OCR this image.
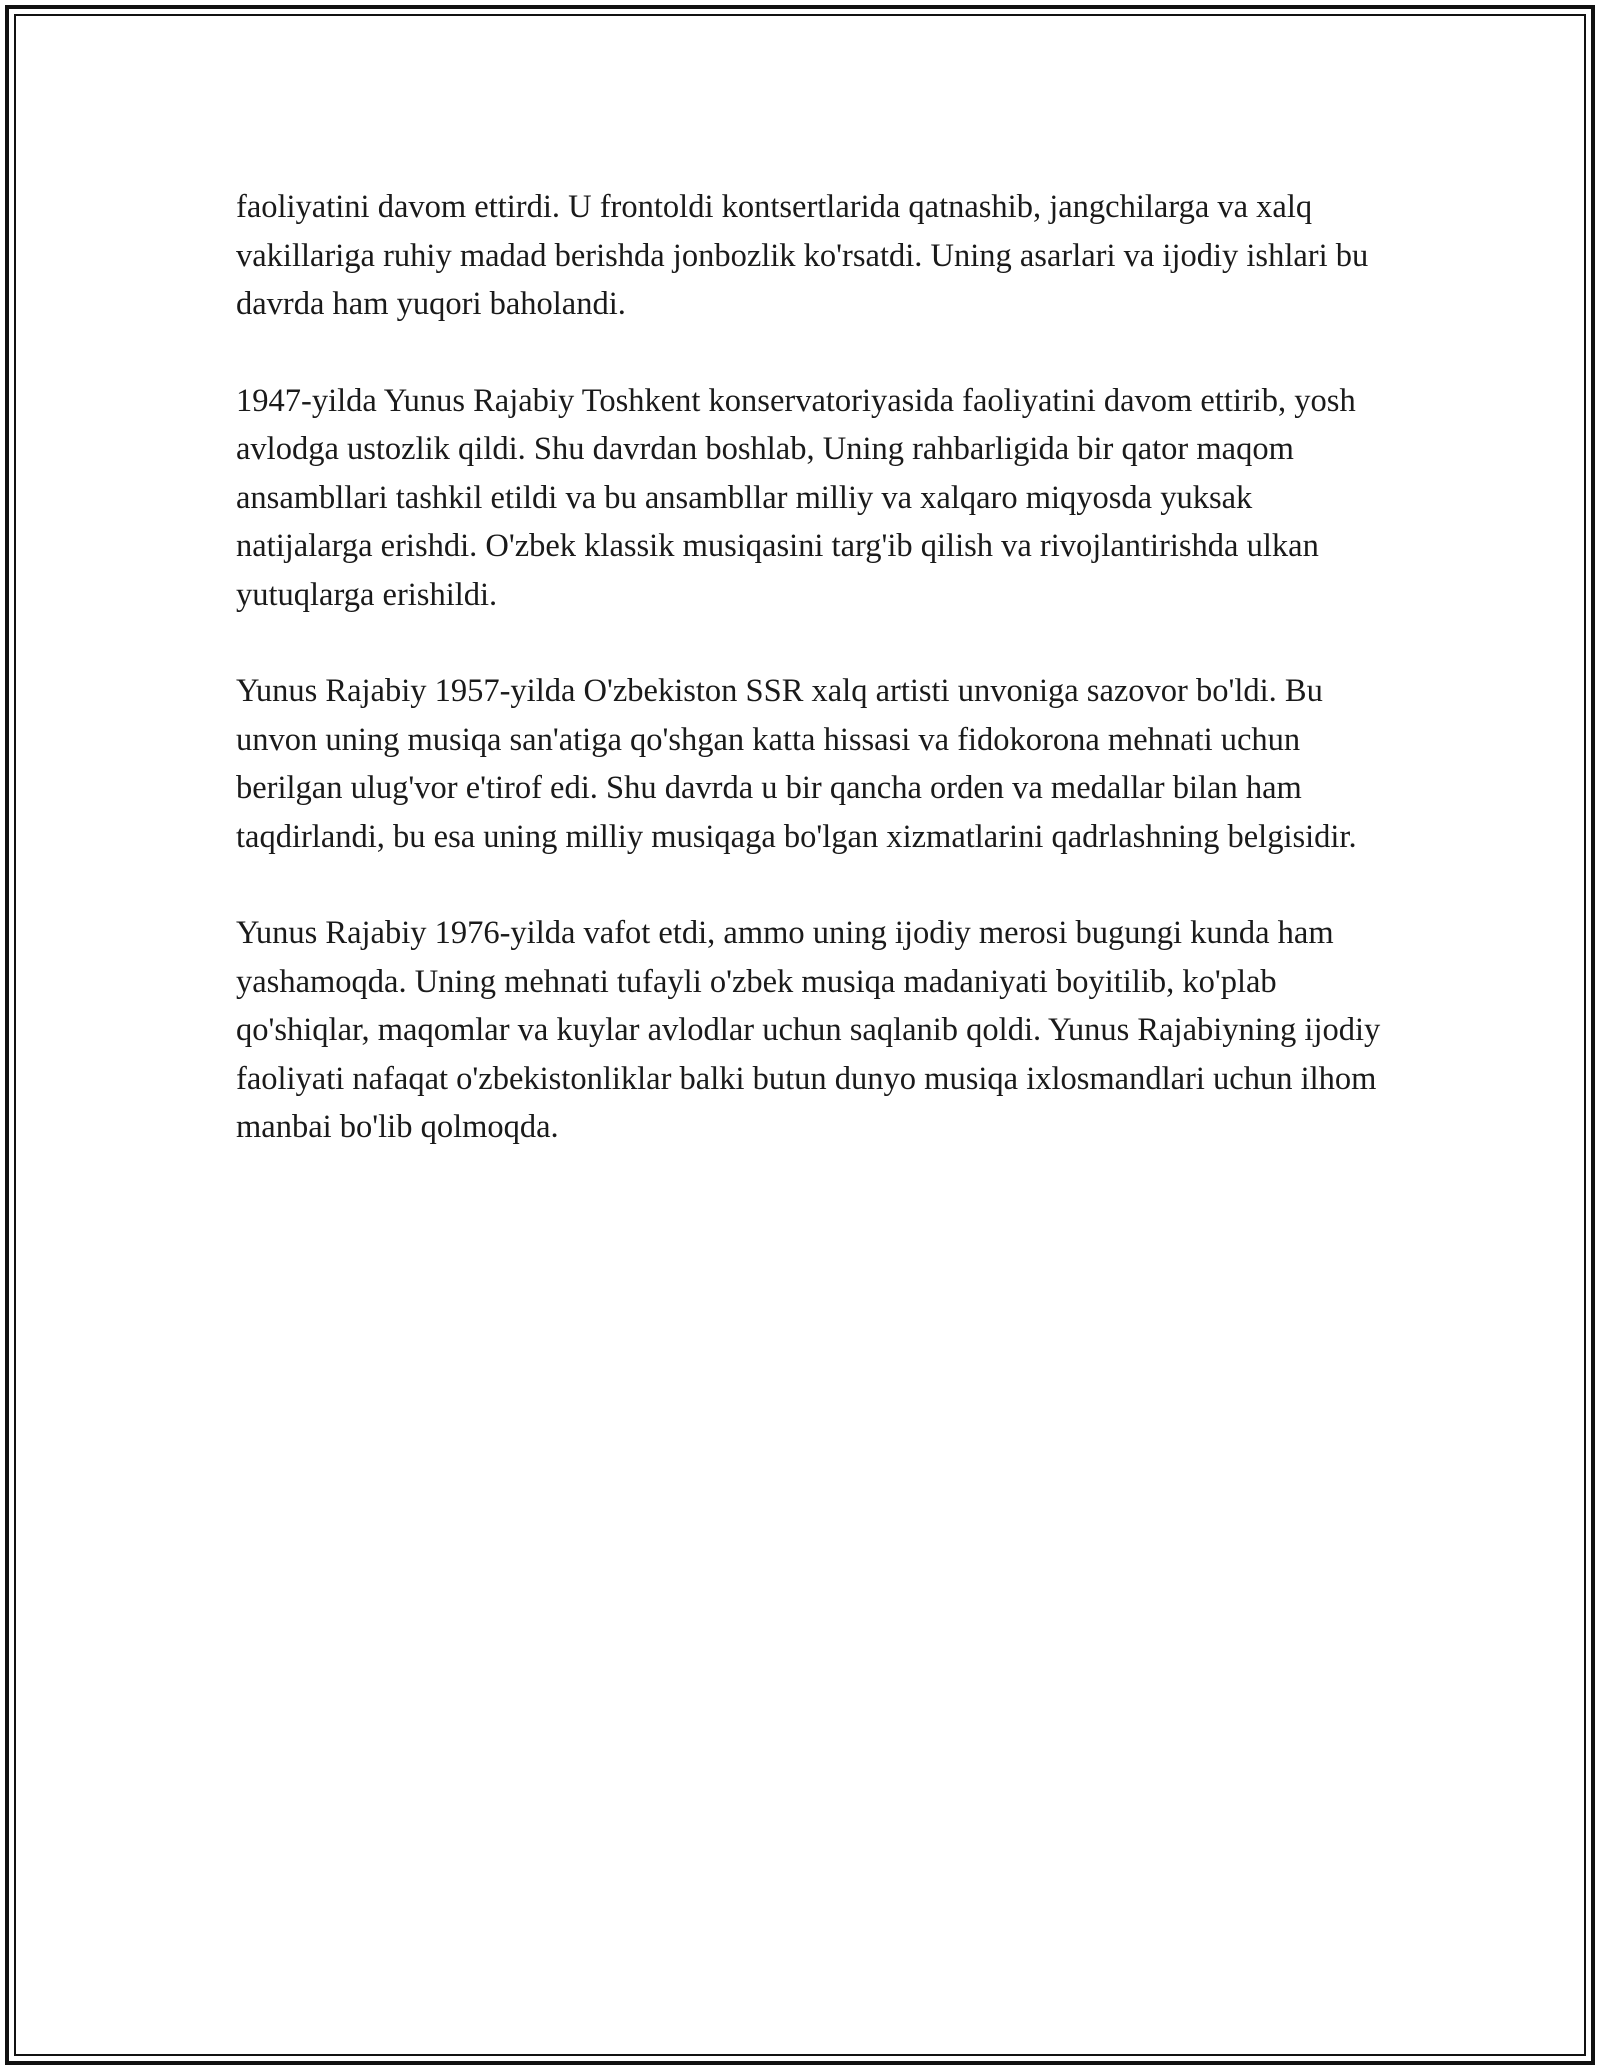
faoliyatini davom ettirdi. U frontoldi kontsertlarida qatnashib, jangchilarga va xalq vakillariga ruhiy madad berishda jonbozlik ko'rsatdi. Uning asarlari va ijodiy ishlari bu davrda ham yuqori baholandi.

1947-yilda Yunus Rajabiy Toshkent konservatoriyasida faoliyatini davom ettirib, yosh avlodga ustozlik qildi. Shu davrdan boshlab, Uning rahbarligida bir qator maqom ansambllari tashkil etildi va bu ansambllar milliy va xalqaro miqyosda yuksak natijalarga erishdi. O'zbek klassik musiqasini targ'ib qilish va rivojlantirishda ulkan yutuqlarga erishildi.

Yunus Rajabiy 1957-yilda O'zbekiston SSR xalq artisti unvoniga sazovor bo'ldi. Bu unvon uning musiqa san'atiga qo'shgan katta hissasi va fidokorona mehnati uchun berilgan ulug'vor e'tirof edi. Shu davrda u bir qancha orden va medallar bilan ham taqdirlandi, bu esa uning milliy musiqaga bo'lgan xizmatlarini qadrlashning belgisidir.

Yunus Rajabiy 1976-yilda vafot etdi, ammo uning ijodiy merosi bugungi kunda ham yashamoqda. Uning mehnati tufayli o'zbek musiqa madaniyati boyitilib, ko'plab qo'shiqlar, maqomlar va kuylar avlodlar uchun saqlanib qoldi. Yunus Rajabiyning ijodiy faoliyati nafaqat o'zbekistonliklar balki butun dunyo musiqa ixlosmandlari uchun ilhom manbai bo'lib qolmoqda.
